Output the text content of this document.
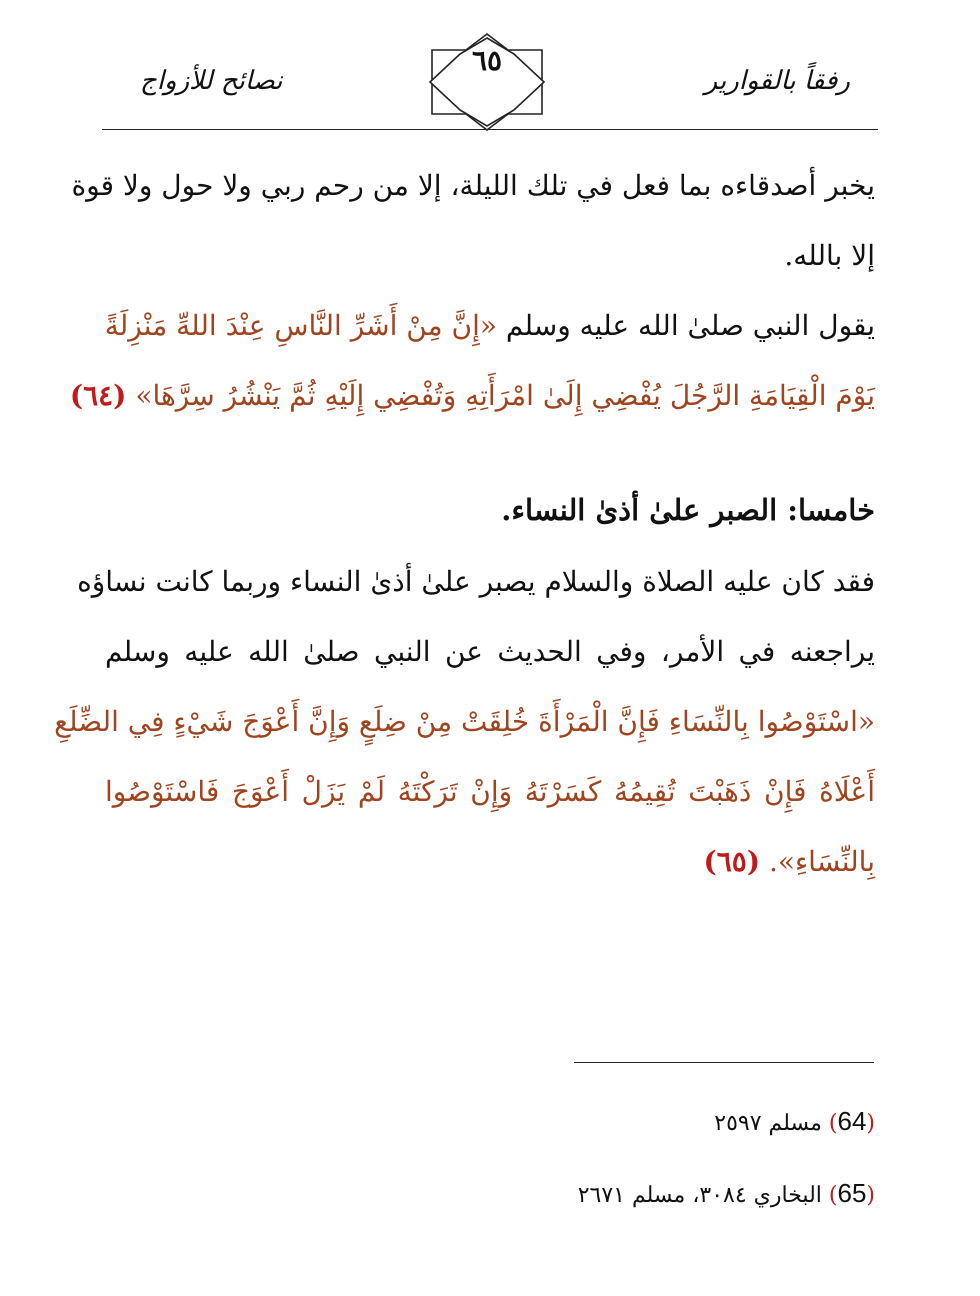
رفقاً بالقوارير
نصائح للأزواج
٦٥
يخبر أصدقاءه بما فعل في تلك الليلة، إلا من رحم ربي ولا حول ولا قوة
إلا بالله.
يقول النبي صلىٰ الله عليه وسلم «إِنَّ مِنْ أَشَرِّ النَّاسِ عِنْدَ اللهِّ مَنْزِلَةً
يَوْمَ الْقِيَامَةِ الرَّجُلَ يُفْضِي إِلَىٰ امْرَأَتِهِ وَتُفْضِي إِلَيْهِ ثُمَّ يَنْشُرُ سِرَّهَا» (٦٤)
خامسا: الصبر علىٰ أذىٰ النساء.
فقد كان عليه الصلاة والسلام يصبر علىٰ أذىٰ النساء وربما كانت نساؤه
يراجعنه في الأمر، وفي الحديث عن النبي صلىٰ الله عليه وسلم
«اسْتَوْصُوا بِالنِّسَاءِ فَإِنَّ الْمَرْأَةَ خُلِقَتْ مِنْ ضِلَعٍ وَإِنَّ أَعْوَجَ شَيْءٍ فِي الضِّلَعِ
أَعْلَاهُ فَإِنْ ذَهَبْتَ تُقِيمُهُ كَسَرْتَهُ وَإِنْ تَرَكْتَهُ لَمْ يَزَلْ أَعْوَجَ فَاسْتَوْصُوا
بِالنِّسَاءِ». (٦٥)
(64) مسلم ٢٥٩٧
(65) البخاري ٣٠٨٤، مسلم ٢٦٧١
